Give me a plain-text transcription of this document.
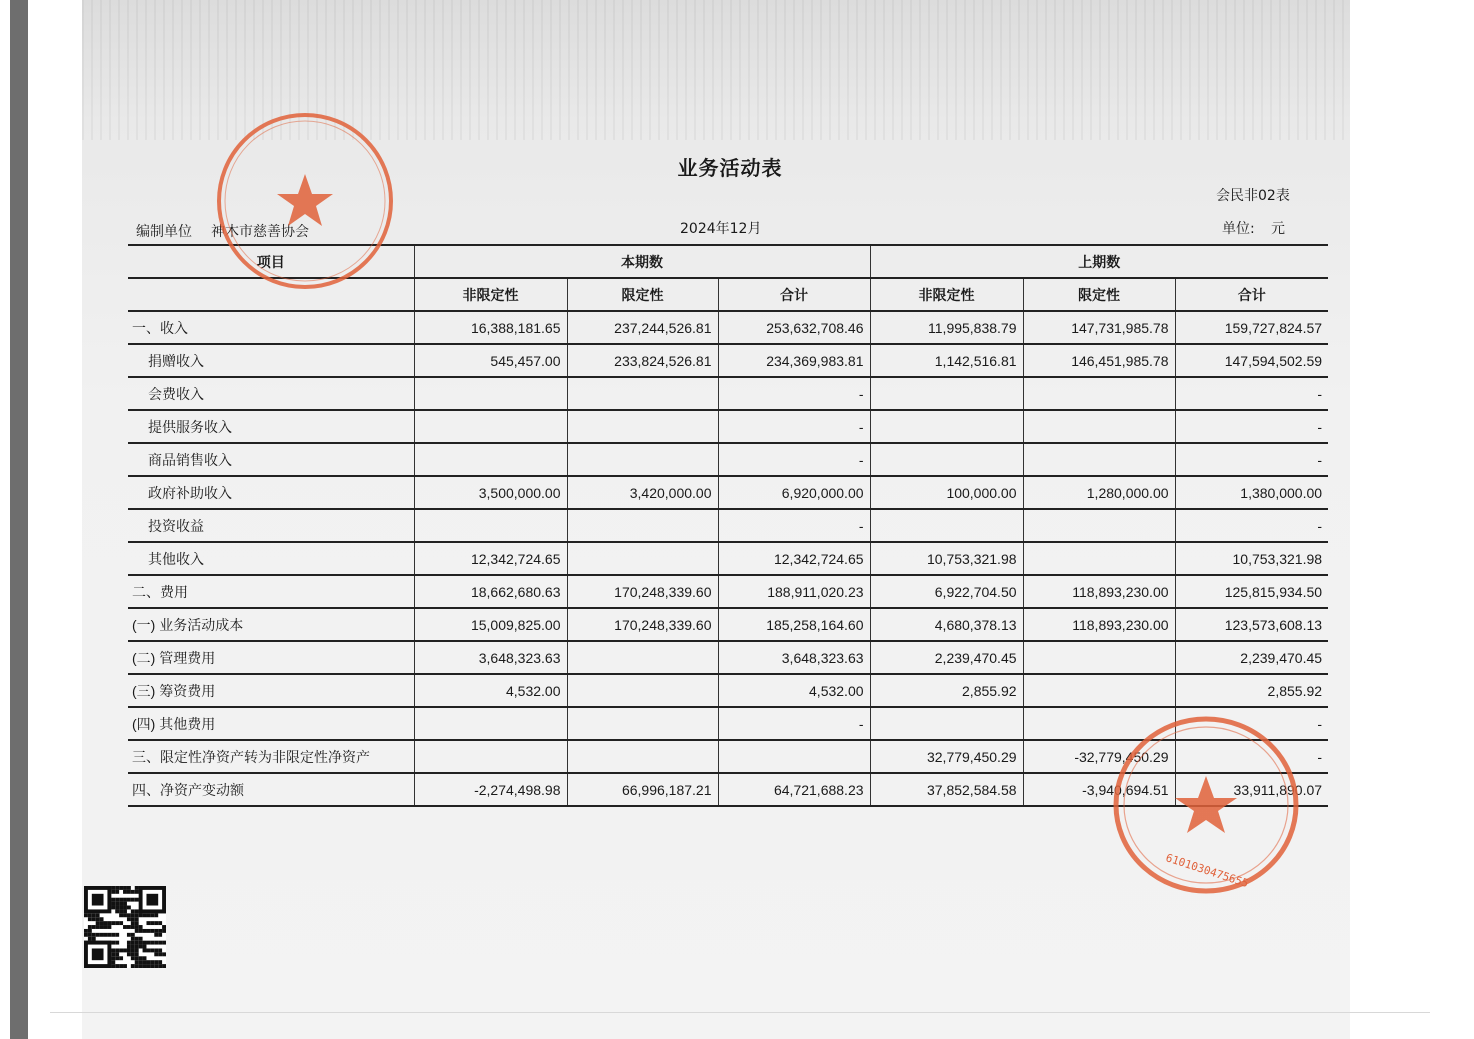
业务活动表
会民非02表
单位: 元
编制单位 神木市慈善协会	2024年12月
项目	本期数			上期数		
	非限定性	限定性	合计	非限定性	限定性	合计
一、收入	16,388,181.65	237,244,526.81	253,632,708.46	11,995,838.79	147,731,985.78	159,727,824.57
捐赠收入	545,457.00	233,824,526.81	234,369,983.81	1,142,516.81	146,451,985.78	147,594,502.59
会费收入			-			-
提供服务收入			-			-
商品销售收入			-			-
政府补助收入	3,500,000.00	3,420,000.00	6,920,000.00	100,000.00	1,280,000.00	1,380,000.00
投资收益			-			-
其他收入	12,342,724.65		12,342,724.65	10,753,321.98		10,753,321.98
二、费用	18,662,680.63	170,248,339.60	188,911,020.23	6,922,704.50	118,893,230.00	125,815,934.50
(一) 业务活动成本	15,009,825.00	170,248,339.60	185,258,164.60	4,680,378.13	118,893,230.00	123,573,608.13
(二) 管理费用	3,648,323.63		3,648,323.63	2,239,470.45		2,239,470.45
(三) 筹资费用	4,532.00		4,532.00	2,855.92		2,855.92
(四) 其他费用			-			-
三、限定性净资产转为非限定性净资产				32,779,450.29	-32,779,450.29	-
四、净资产变动额	-2,274,498.98	66,996,187.21	64,721,688.23	37,852,584.58	-3,940,694.51	33,911,890.07
6101030475655
